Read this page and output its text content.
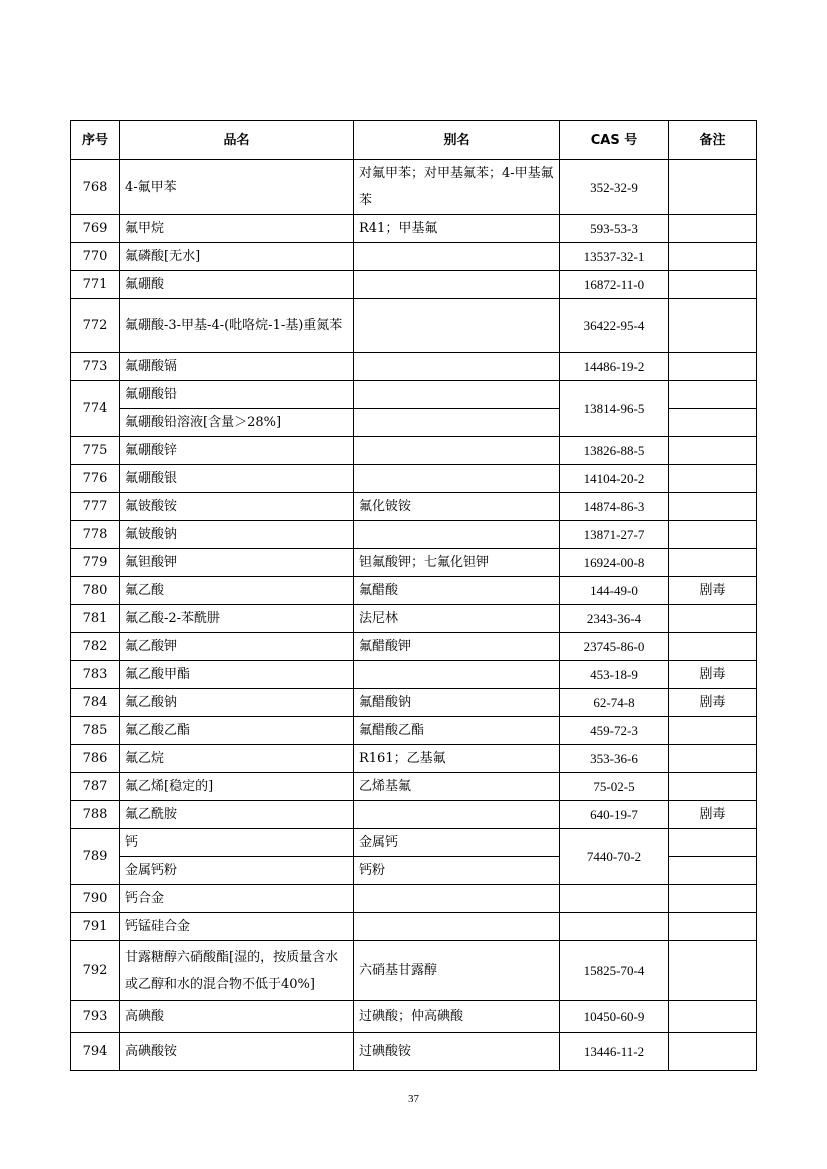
序号	品名	别名	CAS 号	备注
768	4-氟甲苯	对氟甲苯；对甲基氟苯；4-甲基氟苯	352-32-9	
769	氟甲烷	R41；甲基氟	593-53-3	
770	氟磷酸[无水]		13537-32-1	
771	氟硼酸		16872-11-0	
772	氟硼酸-3-甲基-4-(吡咯烷-1-基)重氮苯		36422-95-4	
773	氟硼酸镉		14486-19-2	
774	氟硼酸铅		13814-96-5	
	氟硼酸铅溶液[含量＞28%]			
775	氟硼酸锌		13826-88-5	
776	氟硼酸银		14104-20-2	
777	氟铍酸铵	氟化铍铵	14874-86-3	
778	氟铍酸钠		13871-27-7	
779	氟钽酸钾	钽氟酸钾；七氟化钽钾	16924-00-8	
780	氟乙酸	氟醋酸	144-49-0	剧毒
781	氟乙酸-2-苯酰肼	法尼林	2343-36-4	
782	氟乙酸钾	氟醋酸钾	23745-86-0	
783	氟乙酸甲酯		453-18-9	剧毒
784	氟乙酸钠	氟醋酸钠	62-74-8	剧毒
785	氟乙酸乙酯	氟醋酸乙酯	459-72-3	
786	氟乙烷	R161；乙基氟	353-36-6	
787	氟乙烯[稳定的]	乙烯基氟	75-02-5	
788	氟乙酰胺		640-19-7	剧毒
789	钙	金属钙	7440-70-2	
	金属钙粉	钙粉		
790	钙合金			
791	钙锰硅合金			
792	甘露糖醇六硝酸酯[湿的，按质量含水或乙醇和水的混合物不低于40%]	六硝基甘露醇	15825-70-4	
793	高碘酸	过碘酸；仲高碘酸	10450-60-9	
794	高碘酸铵	过碘酸铵	13446-11-2	
37
